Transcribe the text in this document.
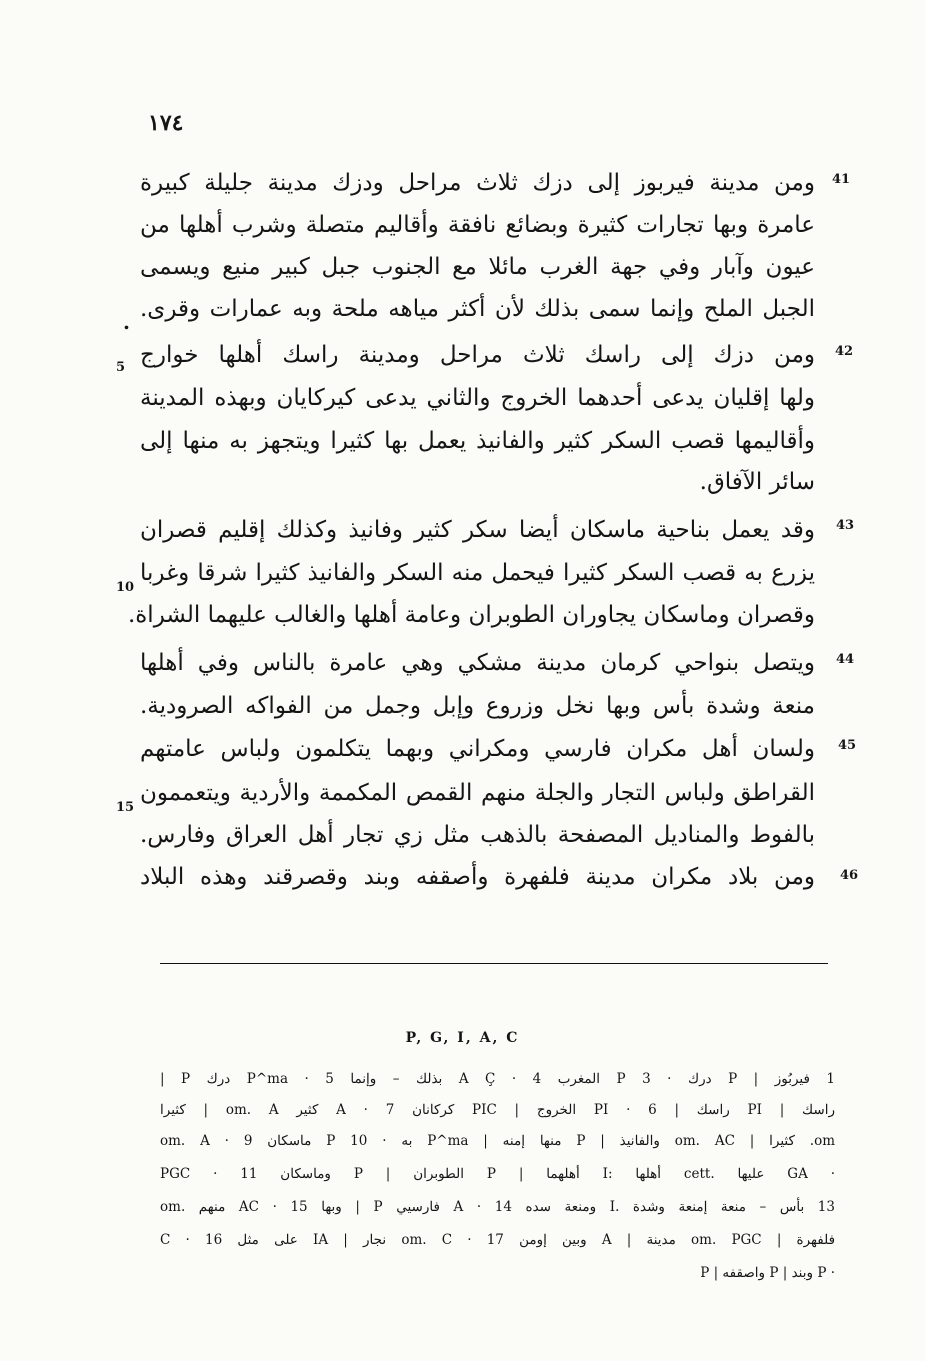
١٧٤
41
ومن مدينة فيربوز إلى دزك ثلاث مراحل ودزك مدينة جليلة كبيرة
عامرة وبها تجارات كثيرة وبضائع نافقة وأقاليم متصلة وشرب أهلها من
عيون وآبار وفي جهة الغرب مائلا مع الجنوب جبل كبير منيع ويسمى
الجبل الملح وإنما سمى بذلك لأن أكثر مياهه ملحة وبه عمارات وقرى.
.
42
5 ومن دزك إلى راسك ثلاث مراحل ومدينة راسك أهلها خوارج
ولها إقليان يدعى أحدهما الخروج والثاني يدعى كيركايان وبهذه المدينة
وأقاليمها قصب السكر كثير والفانيذ يعمل بها كثيرا ويتجهز به منها إلى
سائر الآفاق.
43
وقد يعمل بناحية ماسكان أيضا سكر كثير وفانيذ وكذلك إقليم قصران
10
يزرع به قصب السكر كثيرا فيحمل منه السكر والفانيذ كثيرا شرقا وغربا
وقصران وماسكان يجاوران الطوبران وعامة أهلها والغالب عليهما الشراة.
44
ويتصل بنواحي كرمان مدينة مشكي وهي عامرة بالناس وفي أهلها
منعة وشدة بأس وبها نخل وزروع وإبل وجمل من الفواكه الصرودية.
45
ولسان أهل مكران فارسي ومكراني وبهما يتكلمون ولباس عامتهم
15
القراطق ولباس التجار والجلة منهم القمص المكممة والأردية ويتعممون
بالفوط والمناديل المصفحة بالذهب مثل زي تجار أهل العراق وفارس.
46
ومن بلاد مكران مدينة فلفهرة وأصقفه وبند وقصرقند وهذه البلاد
P, G, I, A, C
1 فيربُوز | P درك · P 3 المغرب A Ç · 4 بذلك – وإنما P^ma · 5 درك P |
راسك | PI راسك | PI · 6 الخروج | PIC كركانان A · 7 كثير om. A | كثيرا
om. كثيرا | om. AC والفانيذ | P منها إمنه | P^ma به · P 10 ماسكان 9 · om. A
· GA عليها .cett أهلها :I أهلهما | P الطوبران | P وماسكان 11 · PGC
13 بأس – منعة إمنعة وشدة .I ومنعة سده A · 14 فارسيي P | وبها AC · 15 منهم .om
فلفهرة | om. PGC مدينة | A وبين إومن 17 · om. C نجار | IA على مثل 16 · C
· P وبند | P واصقفه | P
